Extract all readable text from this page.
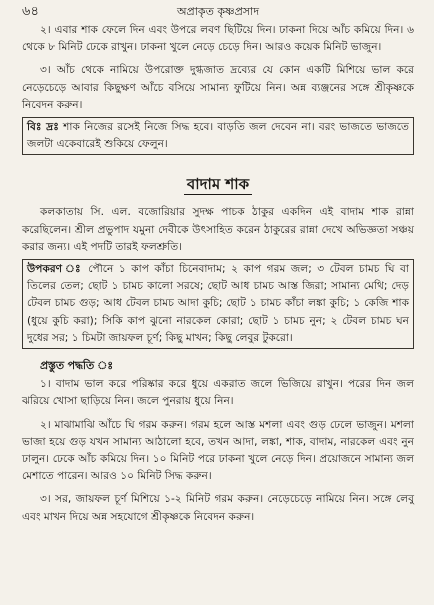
৬৪	অপ্রাকৃত কৃষ্ণপ্রসাদ

২। এবার শাক ফেলে দিন এবং উপরে লবণ ছিটিয়ে দিন। ঢাকনা দিয়ে আঁচ কমিয়ে দিন। ৬ থেকে ৮ মিনিট ঢেকে রাখুন। ঢাকনা খুলে নেড়ে চেড়ে দিন। আরও কয়েক মিনিট ভাজুন।

৩। আঁচ থেকে নামিয়ে উপরোক্ত দুগ্ধজাত দ্রব্যের যে কোন একটি মিশিয়ে ভাল করে নেড়েচেড়ে আবার কিছুক্ষণ আঁচে বসিয়ে সামান্য ফুটিয়ে নিন। অন্ন ব্যঞ্জনের সঙ্গে শ্রীকৃষ্ণকে নিবেদন করুন।

বিঃ দ্রঃ শাক নিজের রসেই নিজে সিদ্ধ হবে। বাড়তি জল দেবেন না। বরং ভাজতে ভাজতে জলটা একেবারেই শুকিয়ে ফেলুন।

বাদাম শাক

কলকাতায় সি. এল. বজোরিয়ার সুদক্ষ পাচক ঠাকুর একদিন এই বাদাম শাক রান্না করেছিলেন। শ্রীল প্রভুপাদ যমুনা দেবীকে উৎসাহিত করেন ঠাকুরের রান্না দেখে অভিজ্ঞতা সঞ্চয় করার জন্য। এই পদটি তারই ফলশ্রুতি।

উপকরণ ঃ পৌনে ১ কাপ কাঁচা চিনেবাদাম; ২ কাপ গরম জল; ৩ টেবল চামচ ঘি বা তিলের তেল; ছোট ১ চামচ কালো সরষে; ছোট আধ চামচ আস্ত জিরা; সামান্য মেথি; দেড় টেবল চামচ গুড়; আধ টেবল চামচ আদা কুচি; ছোট ১ চামচ কাঁচা লঙ্কা কুচি; ১ কেজি শাক (ধুয়ে কুচি করা); সিকি কাপ ঝুনো নারকেল কোরা; ছোট ১ চামচ নুন; ২ টেবল চামচ ঘন দুধের সর; ১ চিমটা জায়ফল চূর্ণ; কিছু মাখন; কিছু লেবুর টুকরো।

প্রস্তুত পদ্ধতি ঃ

১। বাদাম ভাল করে পরিষ্কার করে ধুয়ে একরাত জলে ভিজিয়ে রাখুন। পরের দিন জল ঝরিয়ে খোসা ছাড়িয়ে নিন। জলে পুনরায় ধুয়ে নিন।

২। মাঝামাঝি আঁচে ঘি গরম করুন। গরম হলে আস্ত মশলা এবং গুড় ঢেলে ভাজুন। মশলা ভাজা হয়ে গুড় যখন সামান্য আঠালো হবে, তখন আদা, লঙ্কা, শাক, বাদাম, নারকেল এবং নুন ঢালুন। ঢেকে আঁচ কমিয়ে দিন। ১০ মিনিট পরে ঢাকনা খুলে নেড়ে দিন। প্রয়োজনে সামান্য জল মেশাতে পারেন। আরও ১০ মিনিট সিদ্ধ করুন।

৩। সর, জায়ফল চূর্ণ মিশিয়ে ১-২ মিনিট গরম করুন। নেড়েচেড়ে নামিয়ে নিন। সঙ্গে লেবু এবং মাখন দিয়ে অন্ন সহযোগে শ্রীকৃষ্ণকে নিবেদন করুন।
